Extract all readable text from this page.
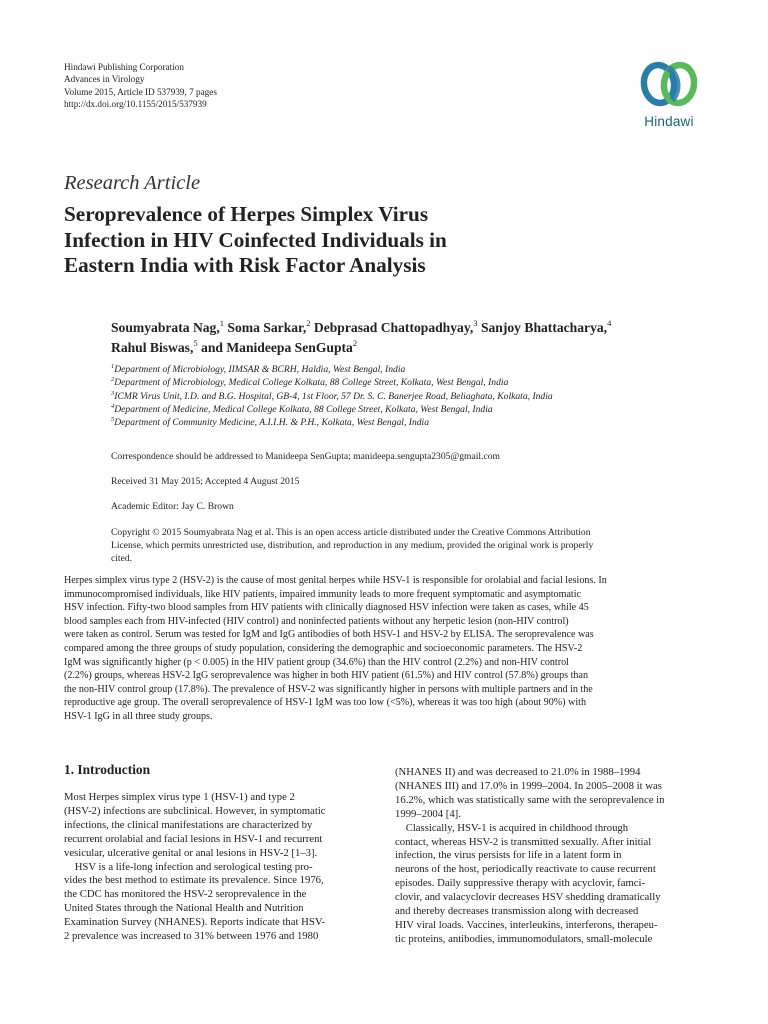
Hindawi Publishing Corporation
Advances in Virology
Volume 2015, Article ID 537939, 7 pages
http://dx.doi.org/10.1155/2015/537939
Hindawi
Research Article
Seroprevalence of Herpes Simplex Virus
Infection in HIV Coinfected Individuals in
Eastern India with Risk Factor Analysis
Soumyabrata Nag,$^1$ Soma Sarkar,$^2$ Debprasad Chattopadhyay,$^3$ Sanjoy Bhattacharya,$^4$
Rahul Biswas,$^5$ and Manideepa SenGupta$^2$
$^1$Department of Microbiology, IIMSAR & BCRH, Haldia, West Bengal, India
$^2$Department of Microbiology, Medical College Kolkata, 88 College Street, Kolkata, West Bengal, India
$^3$ICMR Virus Unit, I.D. and B.G. Hospital, GB-4, 1st Floor, 57 Dr. S. C. Banerjee Road, Beliaghata, Kolkata, India
$^4$Department of Medicine, Medical College Kolkata, 88 College Street, Kolkata, West Bengal, India
$^5$Department of Community Medicine, A.I.I.H. & P.H., Kolkata, West Bengal, India
Correspondence should be addressed to Manideepa SenGupta; manideepa.sengupta2305@gmail.com
Received 31 May 2015; Accepted 4 August 2015
Academic Editor: Jay C. Brown
Copyright © 2015 Soumyabrata Nag et al. This is an open access article distributed under the Creative Commons Attribution
License, which permits unrestricted use, distribution, and reproduction in any medium, provided the original work is properly
cited.
Herpes simplex virus type 2 (HSV-2) is the cause of most genital herpes while HSV-1 is responsible for orolabial and facial lesions. In
immunocompromised individuals, like HIV patients, impaired immunity leads to more frequent symptomatic and asymptomatic
HSV infection. Fifty-two blood samples from HIV patients with clinically diagnosed HSV infection were taken as cases, while 45
blood samples each from HIV-infected (HIV control) and noninfected patients without any herpetic lesion (non-HIV control)
were taken as control. Serum was tested for IgM and IgG antibodies of both HSV-1 and HSV-2 by ELISA. The seroprevalence was
compared among the three groups of study population, considering the demographic and socioeconomic parameters. The HSV-2
IgM was significantly higher (p < 0.005) in the HIV patient group (34.6%) than the HIV control (2.2%) and non-HIV control
(2.2%) groups, whereas HSV-2 IgG seroprevalence was higher in both HIV patient (61.5%) and HIV control (57.8%) groups than
the non-HIV control group (17.8%). The prevalence of HSV-2 was significantly higher in persons with multiple partners and in the
reproductive age group. The overall seroprevalence of HSV-1 IgM was too low (<5%), whereas it was too high (about 90%) with
HSV-1 IgG in all three study groups.
1. Introduction
Most Herpes simplex virus type 1 (HSV-1) and type 2
(HSV-2) infections are subclinical. However, in symptomatic
infections, the clinical manifestations are characterized by
recurrent orolabial and facial lesions in HSV-1 and recurrent
vesicular, ulcerative genital or anal lesions in HSV-2 [1–3].
HSV is a life-long infection and serological testing pro-
vides the best method to estimate its prevalence. Since 1976,
the CDC has monitored the HSV-2 seroprevalence in the
United States through the National Health and Nutrition
Examination Survey (NHANES). Reports indicate that HSV-
2 prevalence was increased to 31% between 1976 and 1980
(NHANES II) and was decreased to 21.0% in 1988–1994
(NHANES III) and 17.0% in 1999–2004. In 2005–2008 it was
16.2%, which was statistically same with the seroprevalence in
1999–2004 [4].
Classically, HSV-1 is acquired in childhood through
contact, whereas HSV-2 is transmitted sexually. After initial
infection, the virus persists for life in a latent form in
neurons of the host, periodically reactivate to cause recurrent
episodes. Daily suppressive therapy with acyclovir, famci-
clovir, and valacyclovir decreases HSV shedding dramatically
and thereby decreases transmission along with decreased
HIV viral loads. Vaccines, interleukins, interferons, therapeu-
tic proteins, antibodies, immunomodulators, small-molecule
